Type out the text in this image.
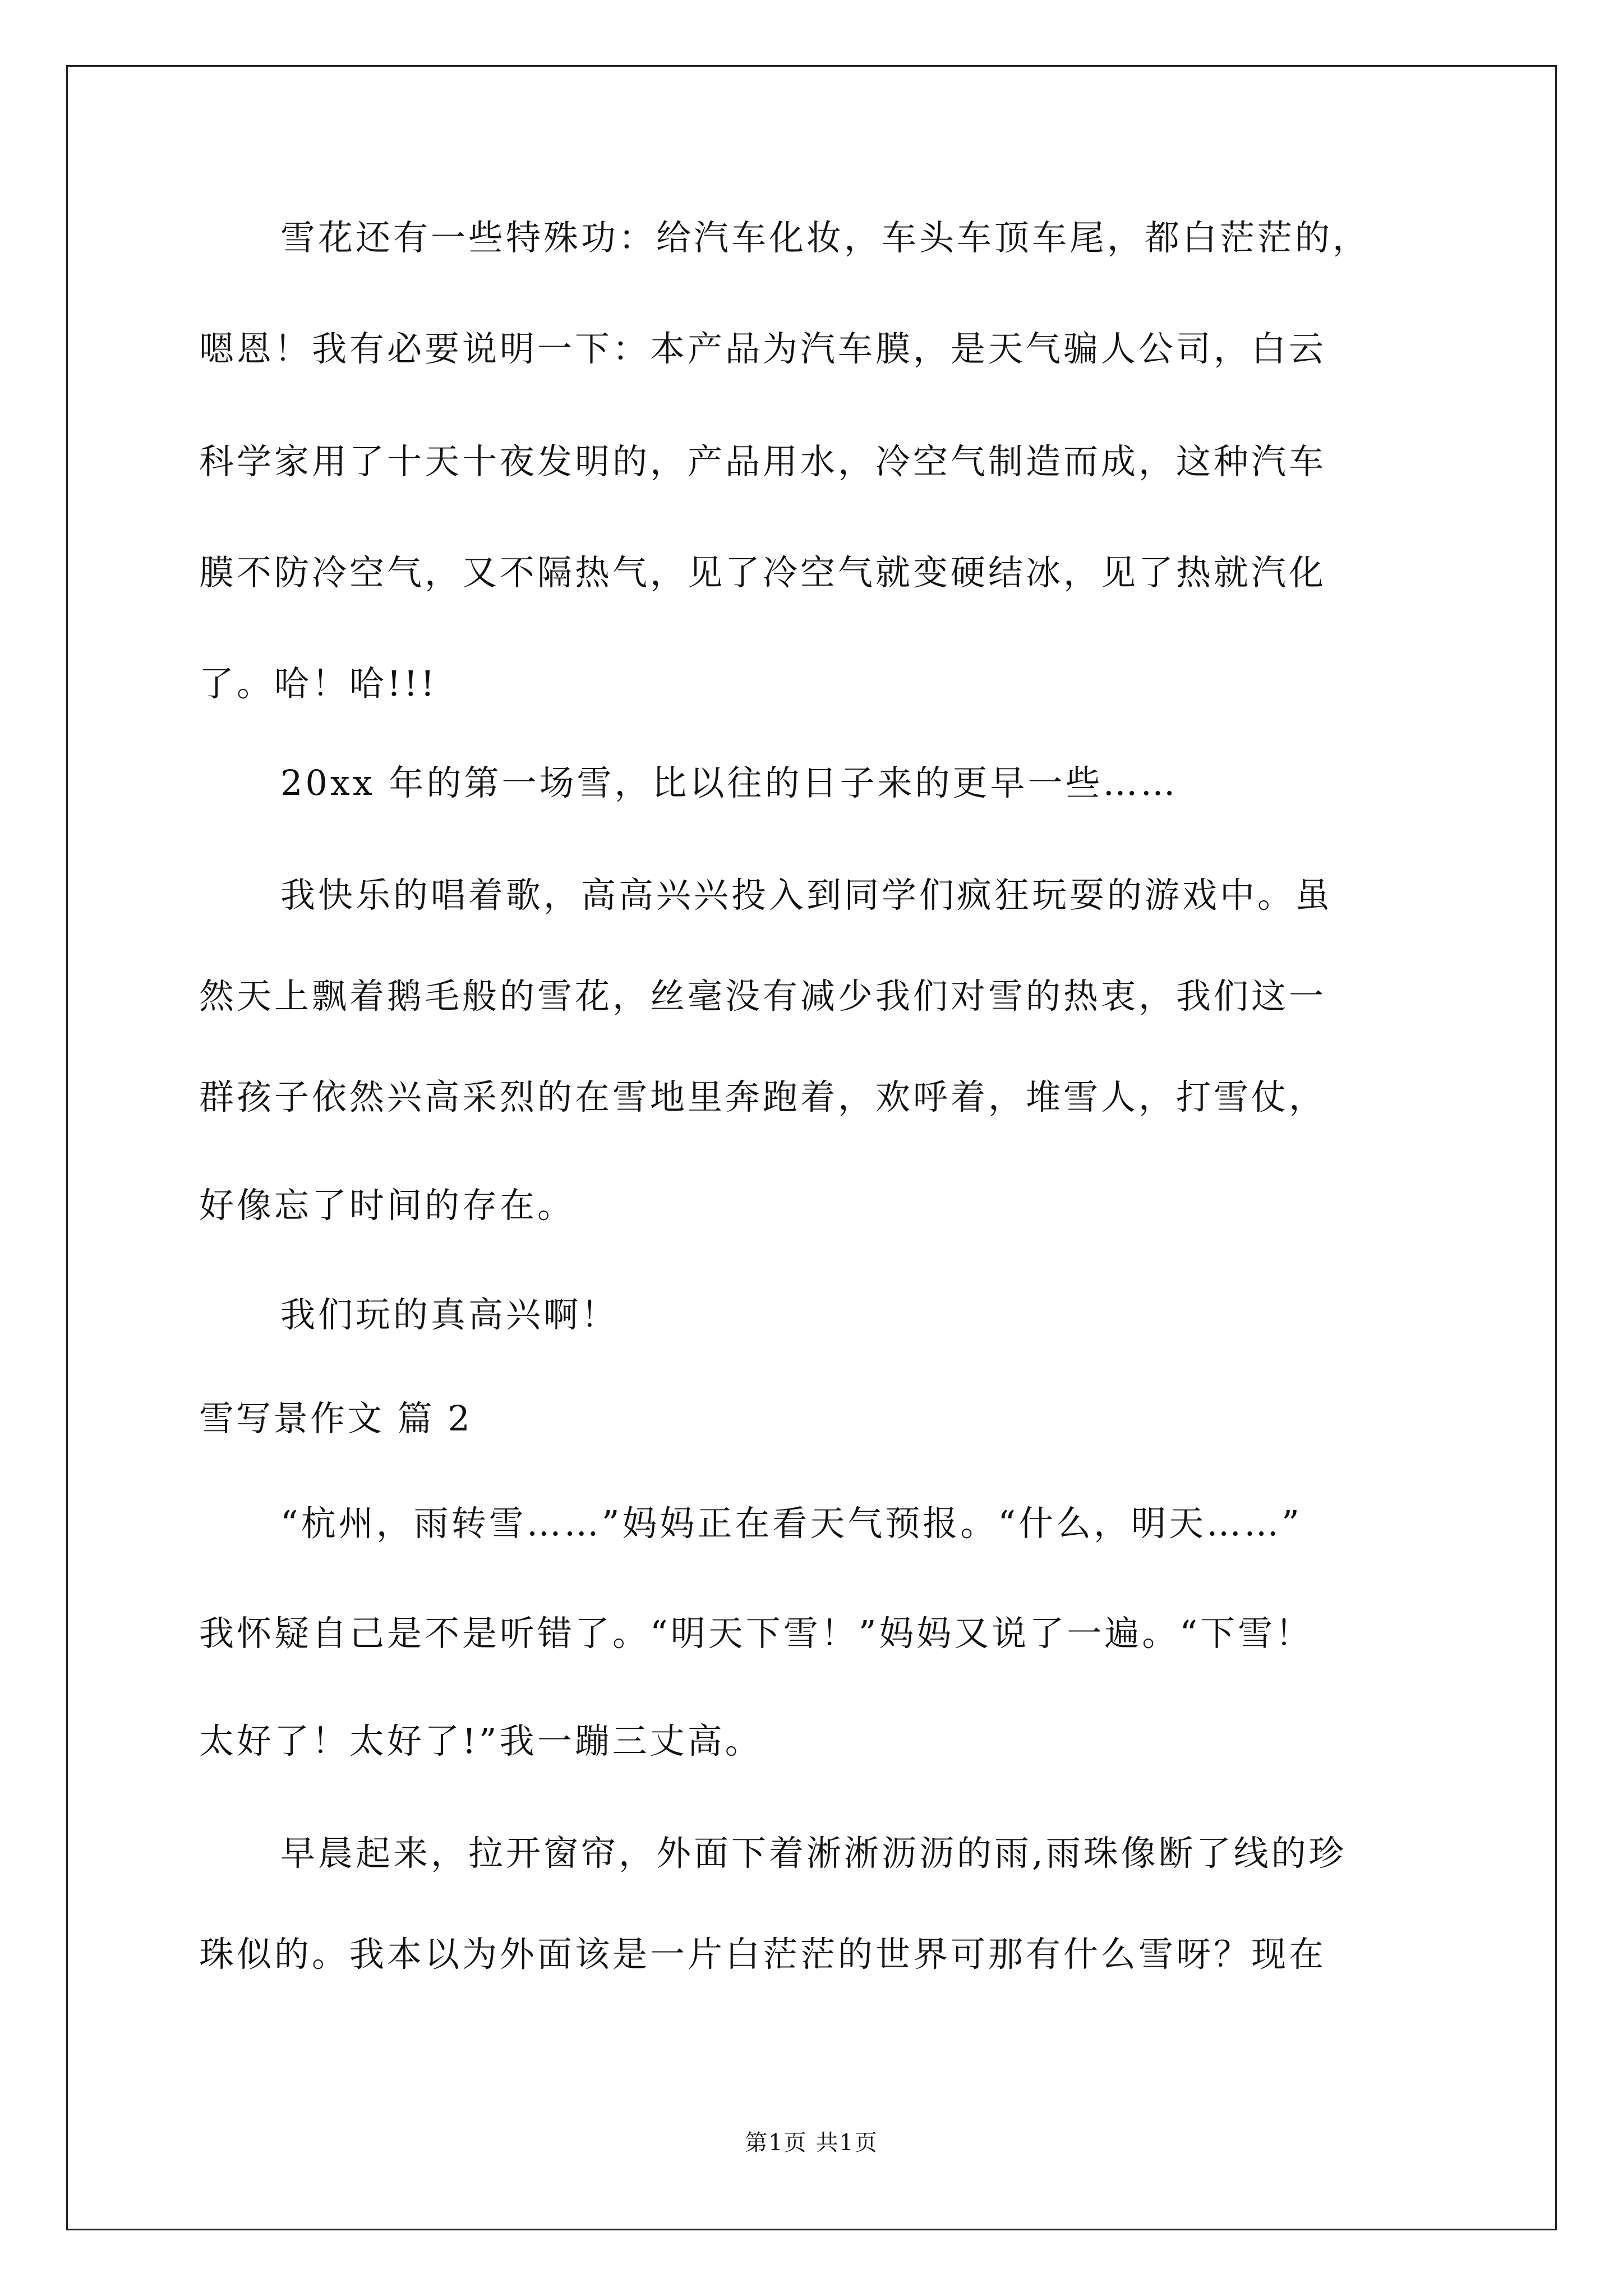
雪花还有一些特殊功：给汽车化妆，车头车顶车尾，都白茫茫的，
嗯恩！我有必要说明一下：本产品为汽车膜，是天气骗人公司，白云
科学家用了十天十夜发明的，产品用水，冷空气制造而成，这种汽车
膜不防冷空气，又不隔热气，见了冷空气就变硬结冰，见了热就汽化
了。哈！哈!!!
20xx 年的第一场雪，比以往的日子来的更早一些……
我快乐的唱着歌，高高兴兴投入到同学们疯狂玩耍的游戏中。虽
然天上飘着鹅毛般的雪花，丝毫没有减少我们对雪的热衷，我们这一
群孩子依然兴高采烈的在雪地里奔跑着，欢呼着，堆雪人，打雪仗，
好像忘了时间的存在。
我们玩的真高兴啊！
雪写景作文 篇 2
“杭州，雨转雪……”妈妈正在看天气预报。“什么，明天……”
我怀疑自己是不是听错了。“明天下雪！”妈妈又说了一遍。“下雪！
太好了！太好了!”我一蹦三丈高。
早晨起来，拉开窗帘，外面下着淅淅沥沥的雨,雨珠像断了线的珍
珠似的。我本以为外面该是一片白茫茫的世界可那有什么雪呀？现在
第1页 共1页
